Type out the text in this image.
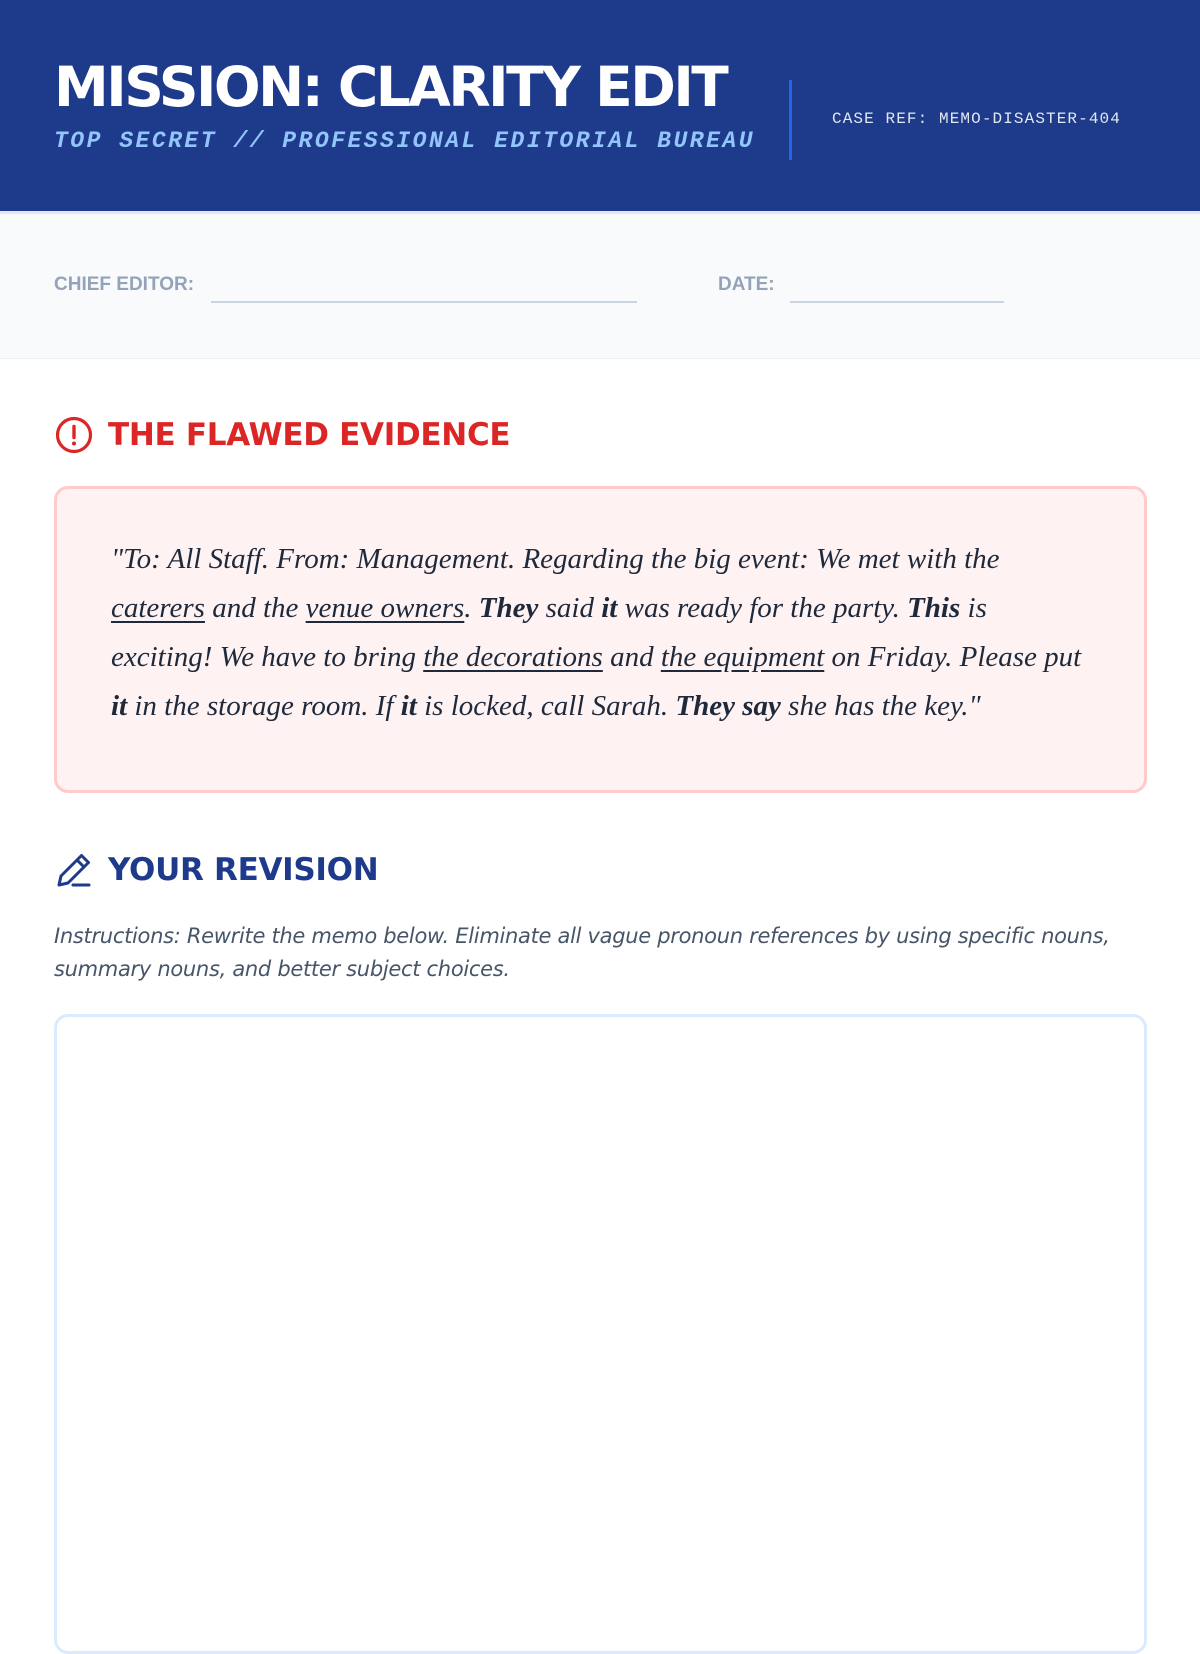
MISSION: CLARITY EDIT
TOP SECRET // PROFESSIONAL EDITORIAL BUREAU
CASE REF: MEMO-DISASTER-404
CHIEF EDITOR:	DATE:
THE FLAWED EVIDENCE

"To: All Staff. From: Management. Regarding the big event: We met with the caterers and the venue owners. They said it was ready for the party. This is exciting! We have to bring the decorations and the equipment on Friday. Please put it in the storage room. If it is locked, call Sarah. They say she has the key."

YOUR REVISION
Instructions: Rewrite the memo below. Eliminate all vague pronoun references by using specific nouns, summary nouns, and better subject choices.
